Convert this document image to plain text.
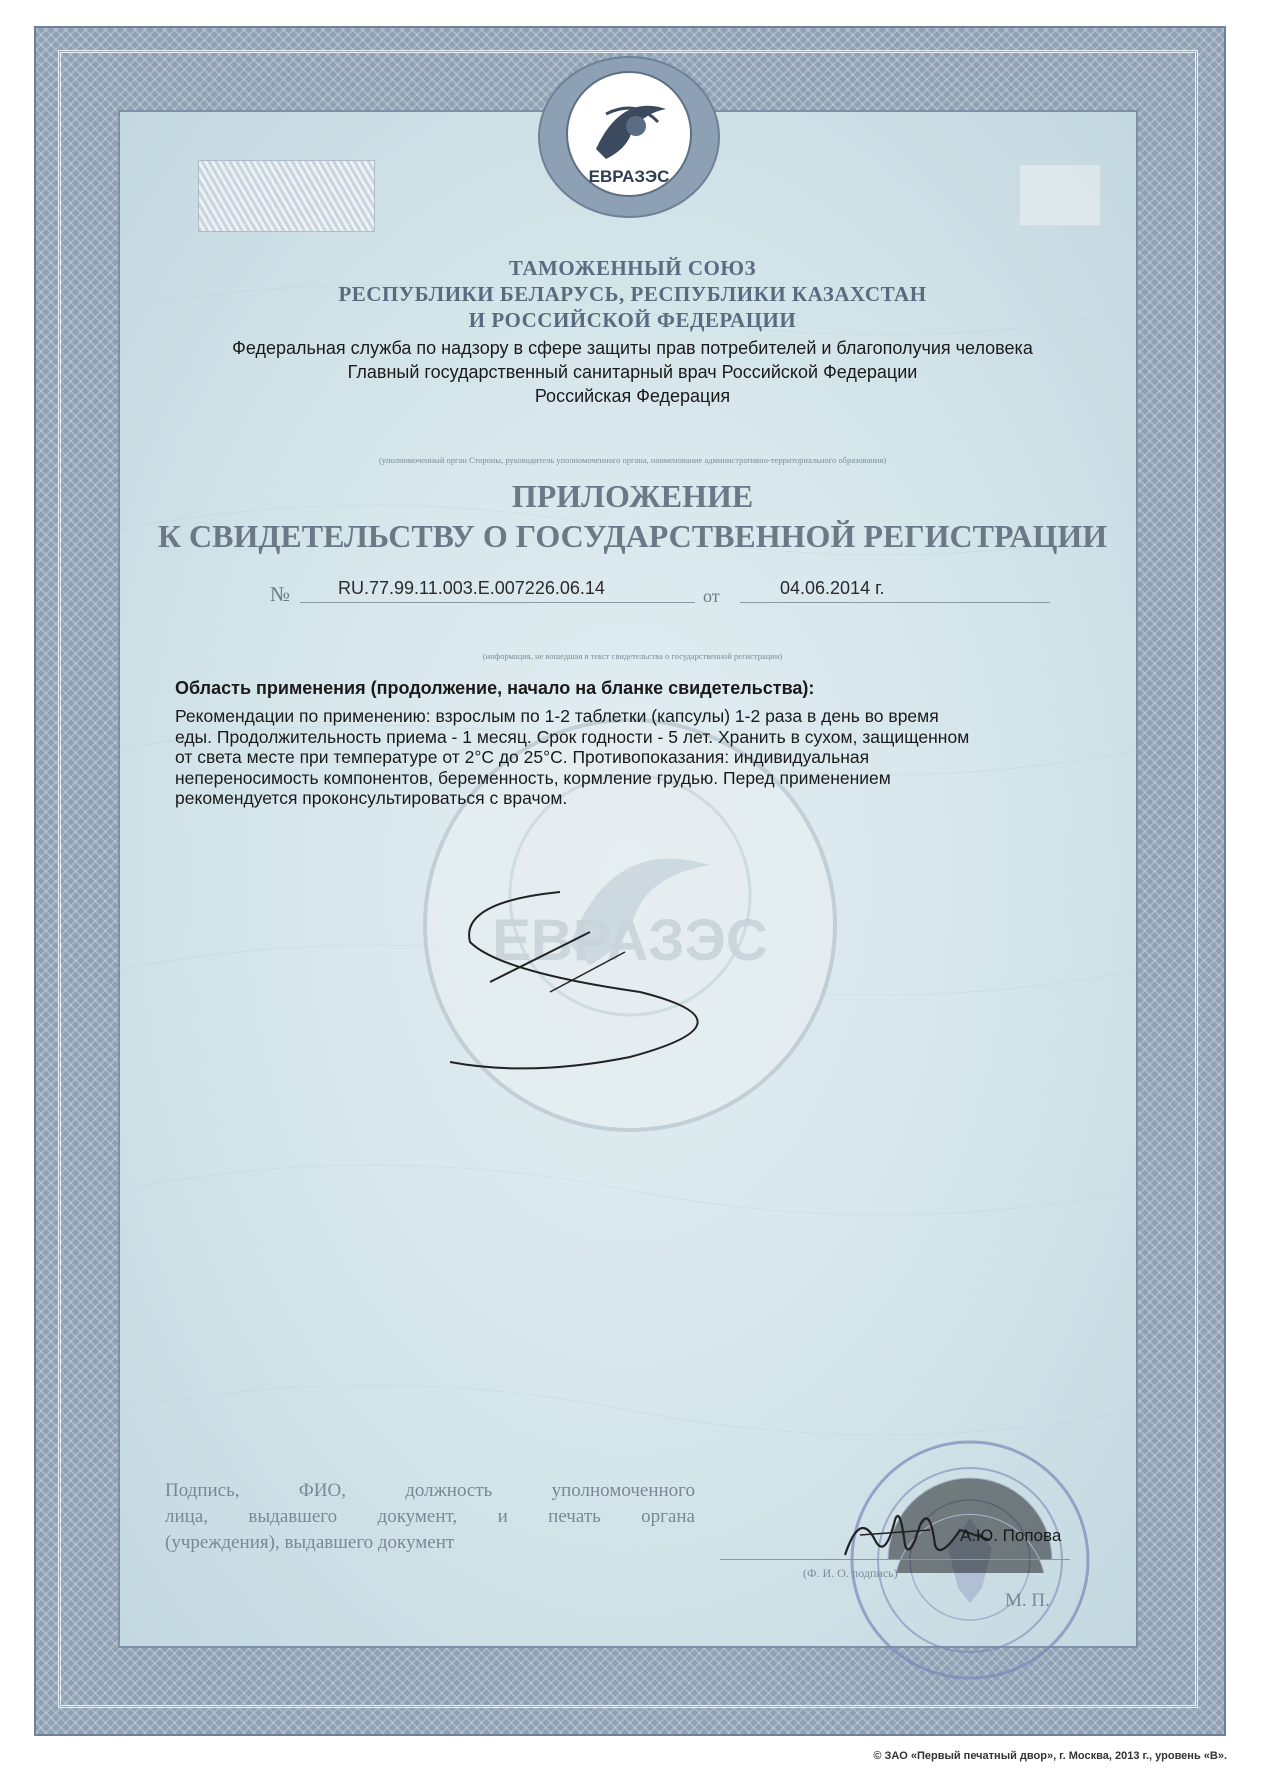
ЕВРАЗЭС

ТАМОЖЕННЫЙ СОЮЗ

РЕСПУБЛИКИ БЕЛАРУСЬ, РЕСПУБЛИКИ КАЗАХСТАН

И РОССИЙСКОЙ ФЕДЕРАЦИИ

Федеральная служба по надзору в сфере защиты прав потребителей и благополучия человека

Главный государственный санитарный врач Российской Федерации

Российская Федерация

(уполномоченный орган Стороны, руководитель уполномоченного органа, наименование административно-территориального образования)

ПРИЛОЖЕНИЕ

К СВИДЕТЕЛЬСТВУ О ГОСУДАРСТВЕННОЙ РЕГИСТРАЦИИ

№	RU.77.99.11.003.E.007226.06.14	от	04.06.2014 г.

(информация, не вошедшая в текст свидетельства о государственной регистрации)

ЕВРАЗЭС

Область применения (продолжение, начало на бланке свидетельства):

Рекомендации по применению: взрослым по 1-2 таблетки (капсулы) 1-2 раза в день во время
еды. Продолжительность приема - 1 месяц. Срок годности - 5 лет. Хранить в сухом, защищенном
от света месте при температуре от 2°С до 25°С. Противопоказания: индивидуальная
непереносимость компонентов, беременность, кормление грудью. Перед применением
рекомендуется проконсультироваться с врачом.
Подпись, ФИО, должность уполномоченного
лица, выдавшего документ, и печать органа
(учреждения), выдавшего документ	А.Ю. Попова

(Ф. И. О. подпись)

М. П.

© ЗАО «Первый печатный двор», г. Москва, 2013 г., уровень «В».
